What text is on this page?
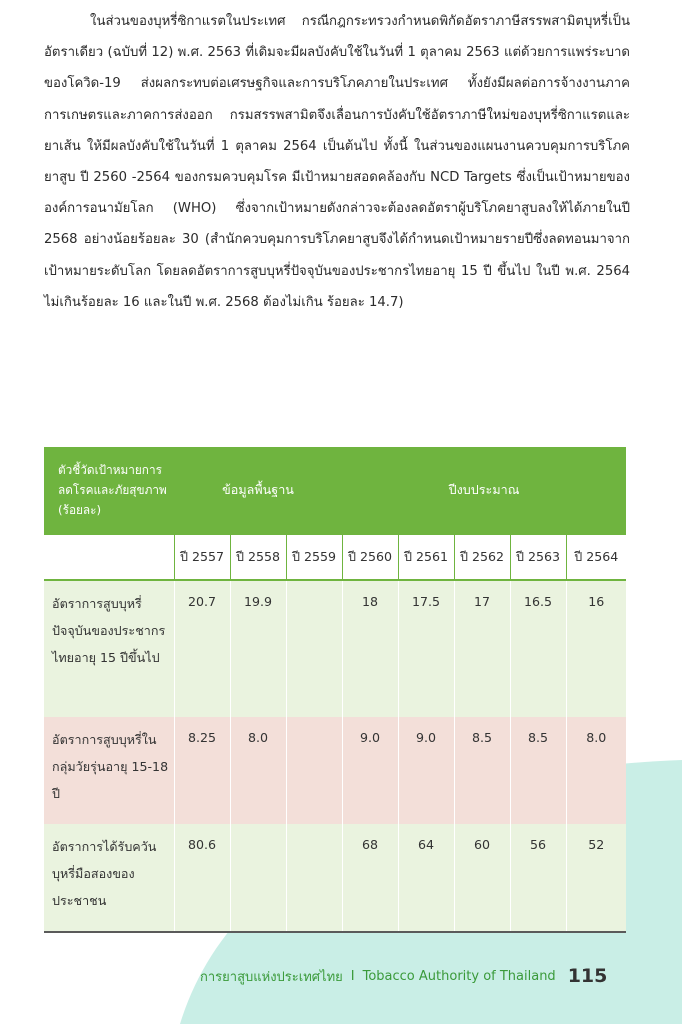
ในส่วนของบุหรี่ซิกาแรตในประเทศ กรณีกฎกระทรวงกำหนดพิกัดอัตราภาษีสรรพสามิตบุหรี่เป็นอัตราเดียว (ฉบับที่ 12) พ.ศ. 2563 ที่เดิมจะมีผลบังคับใช้ในวันที่ 1 ตุลาคม 2563 แต่ด้วยการแพร่ระบาดของโควิด-19 ส่งผลกระทบต่อเศรษฐกิจและการบริโภคภายในประเทศ ทั้งยังมีผลต่อการจ้างงานภาคการเกษตรและภาคการส่งออก กรมสรรพสามิตจึงเลื่อนการบังคับใช้อัตราภาษีใหม่ของบุหรี่ซิกาแรตและยาเส้น ให้มีผลบังคับใช้ในวันที่ 1 ตุลาคม 2564 เป็นต้นไป ทั้งนี้ ในส่วนของแผนงานควบคุมการบริโภคยาสูบ ปี 2560 -2564 ของกรมควบคุมโรค มีเป้าหมายสอดคล้องกับ NCD Targets ซึ่งเป็นเป้าหมายขององค์การอนามัยโลก (WHO) ซึ่งจากเป้าหมายดังกล่าวจะต้องลดอัตราผู้บริโภคยาสูบลงให้ได้ภายในปี 2568 อย่างน้อยร้อยละ 30 (สำนักควบคุมการบริโภคยาสูบจึงได้กำหนดเป้าหมายรายปีซึ่งลดทอนมาจากเป้าหมายระดับโลก โดยลดอัตราการสูบบุหรี่ปัจจุบันของประชากรไทยอายุ 15 ปี ขึ้นไป ในปี พ.ศ. 2564 ไม่เกินร้อยละ 16 และในปี พ.ศ. 2568 ต้องไม่เกิน ร้อยละ 14.7)

ตัวชี้วัดเป้าหมายการลดโรคและภัยสุขภาพ (ร้อยละ)	ข้อมูลพื้นฐาน			ปีงบประมาณ				
	ปี 2557	ปี 2558	ปี 2559	ปี 2560	ปี 2561	ปี 2562	ปี 2563	ปี 2564
อัตราการสูบบุหรี่ปัจจุบันของประชากรไทยอายุ 15 ปีขึ้นไป	20.7	19.9		18	17.5	17	16.5	16
อัตราการสูบบุหรี่ในกลุ่มวัยรุ่นอายุ 15-18 ปี	8.25	8.0		9.0	9.0	8.5	8.5	8.0
อัตราการได้รับควันบุหรี่มือสองของประชาชน	80.6			68	64	60	56	52
การยาสูบแห่งประเทศไทย I Tobacco Authority of Thailand 115
